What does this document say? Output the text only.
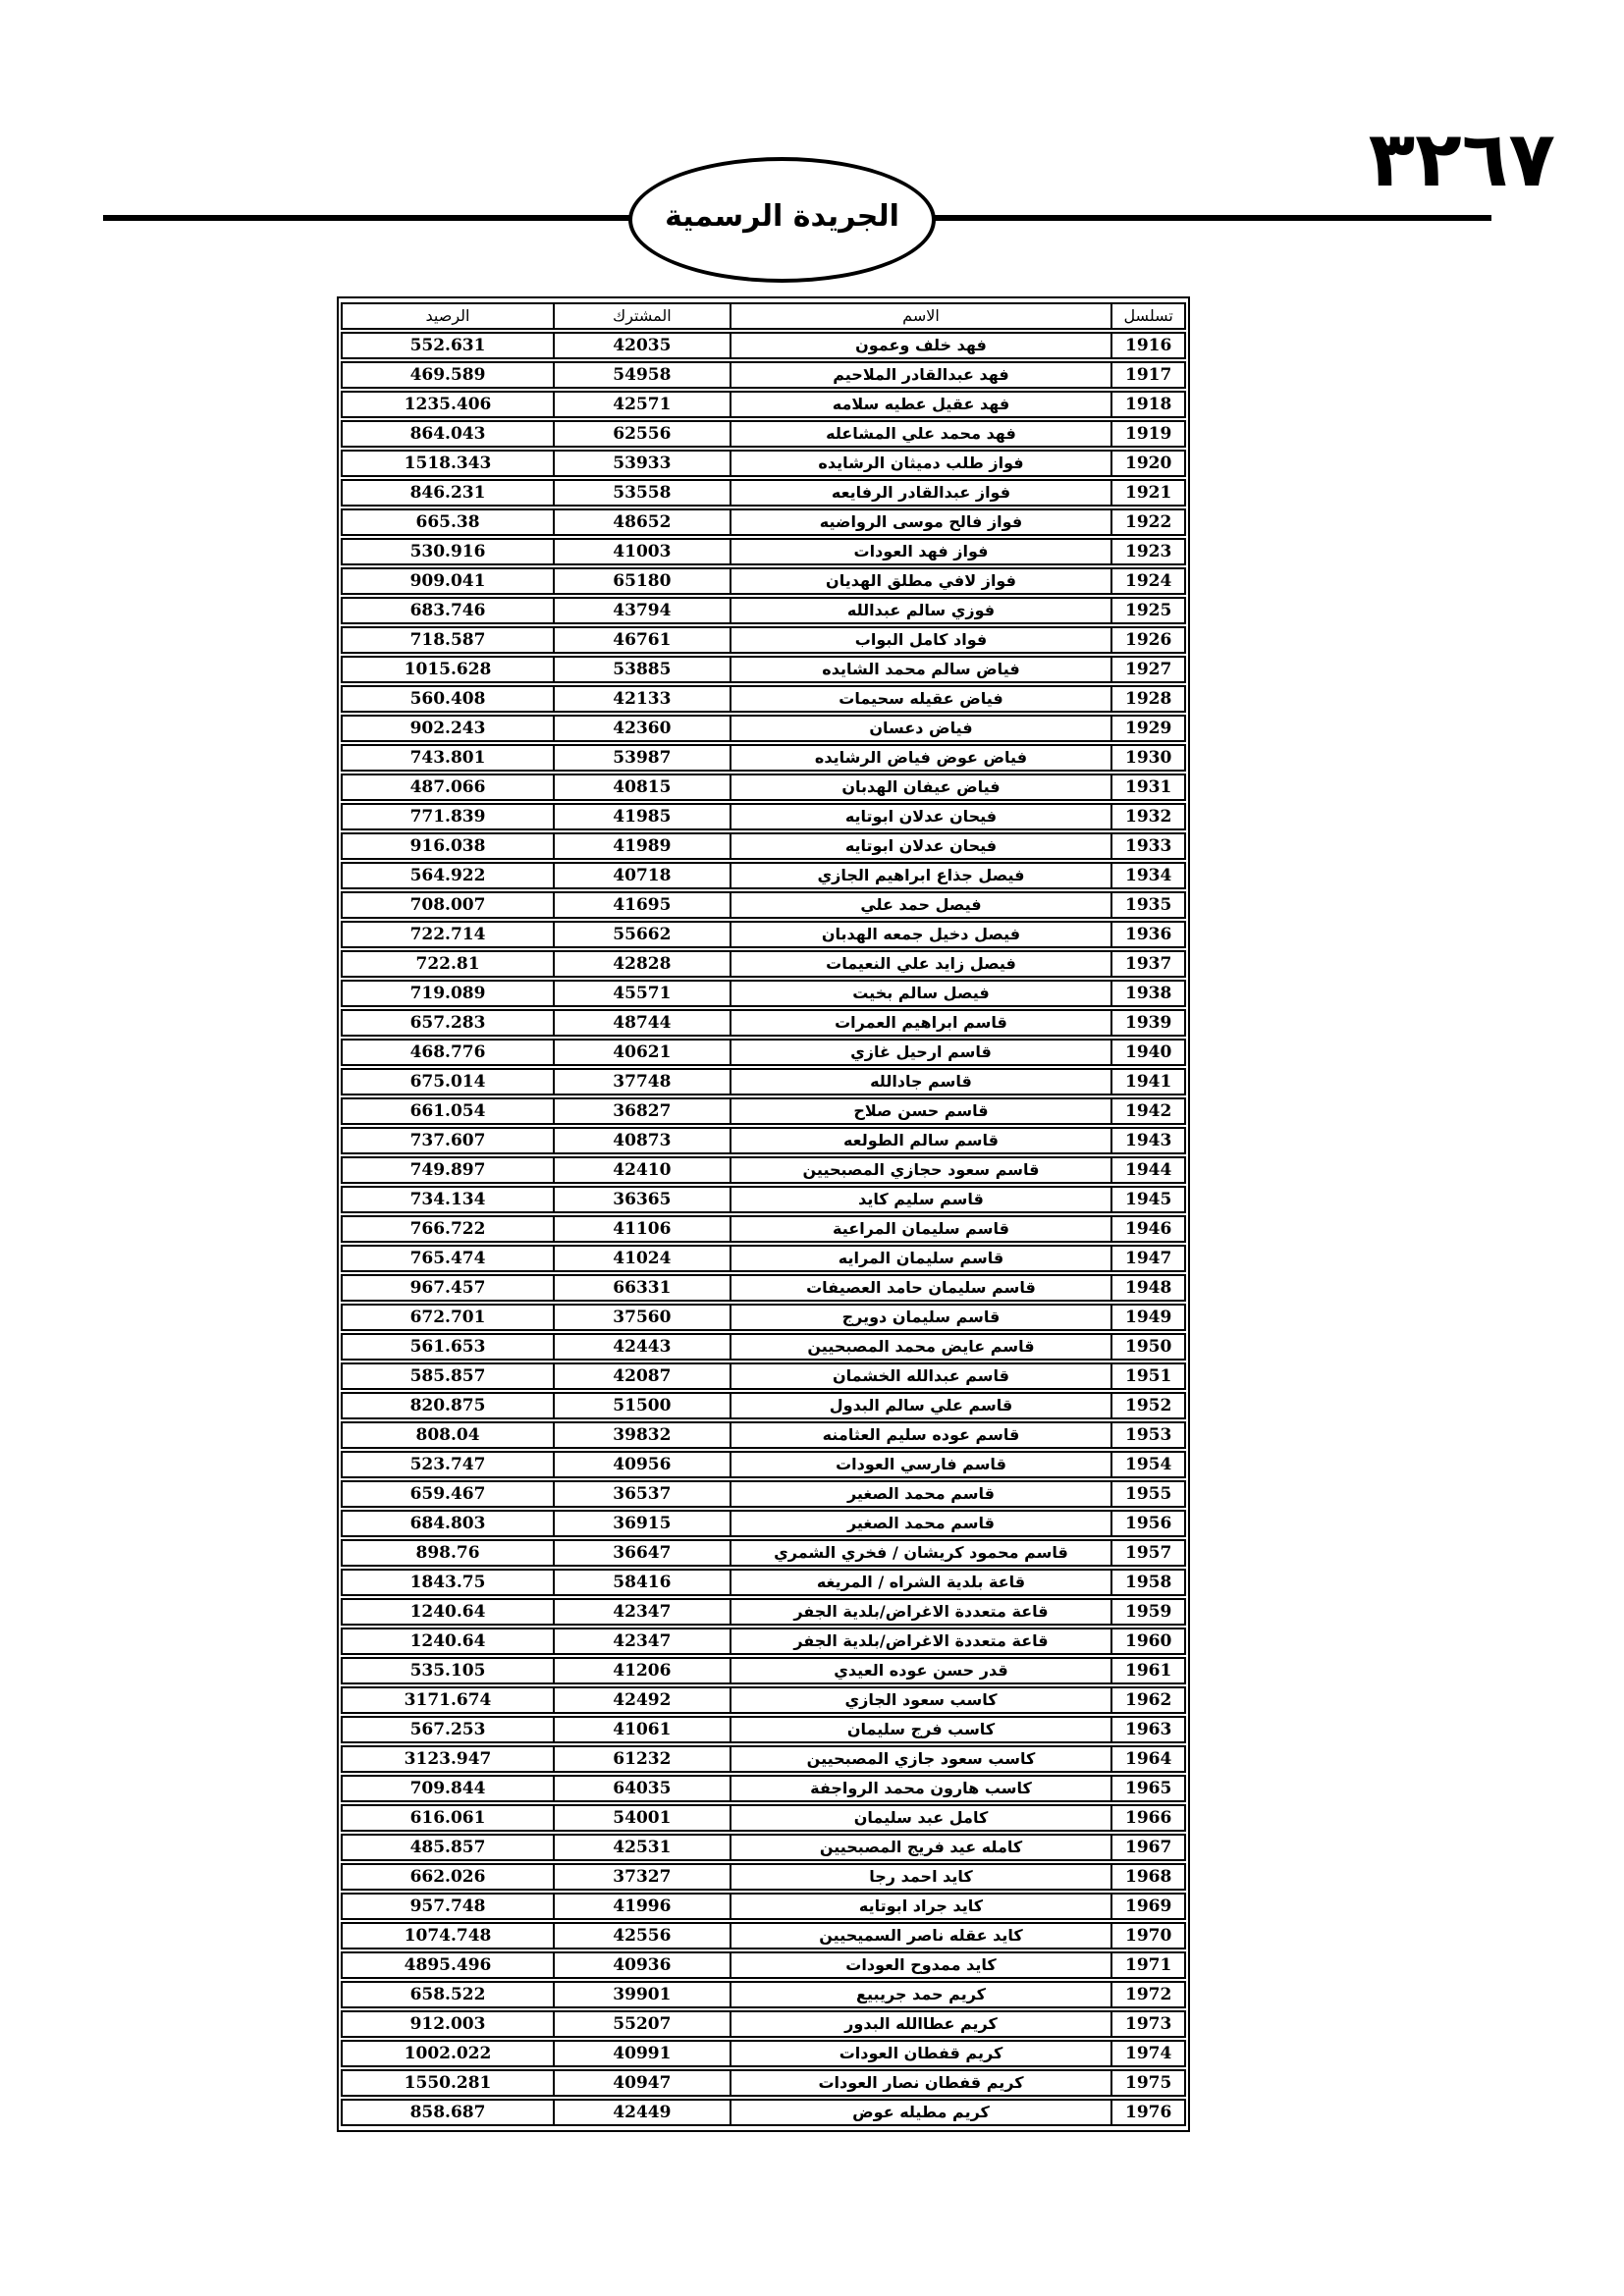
٣٢٦٧
الجريدة الرسمية
تسلسل	الاسم	المشترك	الرصيد
1916	فهد خلف وعمون	42035	552.631
1917	فهد عبدالقادر الملاحيم	54958	469.589
1918	فهد عقيل عطيه سلامه	42571	1235.406
1919	فهد محمد علي المشاعله	62556	864.043
1920	فواز طلب دميثان الرشايده	53933	1518.343
1921	فواز عبدالقادر الرفايعه	53558	846.231
1922	فواز فالح موسى الرواضيه	48652	665.38
1923	فواز فهد العودات	41003	530.916
1924	فواز لافي مطلق الهديان	65180	909.041
1925	فوزي سالم عبدالله	43794	683.746
1926	فواد كامل البواب	46761	718.587
1927	فياض سالم محمد الشايده	53885	1015.628
1928	فياض عقيله سحيمات	42133	560.408
1929	فياض دعسان	42360	902.243
1930	فياض عوض فياض الرشايده	53987	743.801
1931	فياض عيفان الهدبان	40815	487.066
1932	فيحان عدلان ابوتايه	41985	771.839
1933	فيحان عدلان ابوتايه	41989	916.038
1934	فيصل جذاع ابراهيم الجازي	40718	564.922
1935	فيصل حمد علي	41695	708.007
1936	فيصل دخيل جمعه الهدبان	55662	722.714
1937	فيصل زايد علي النعيمات	42828	722.81
1938	فيصل سالم بخيت	45571	719.089
1939	قاسم ابراهيم العمرات	48744	657.283
1940	قاسم ارحيل غازي	40621	468.776
1941	قاسم جادالله	37748	675.014
1942	قاسم حسن صلاح	36827	661.054
1943	قاسم سالم الطولعه	40873	737.607
1944	قاسم سعود حجازي المصبحيين	42410	749.897
1945	قاسم سليم كايد	36365	734.134
1946	قاسم سليمان المراعية	41106	766.722
1947	قاسم سليمان المرايه	41024	765.474
1948	قاسم سليمان حامد العصيفات	66331	967.457
1949	قاسم سليمان دويرج	37560	672.701
1950	قاسم عايض محمد المصبحيين	42443	561.653
1951	قاسم عبدالله الخشمان	42087	585.857
1952	قاسم علي سالم البدول	51500	820.875
1953	قاسم عوده سليم العثامنه	39832	808.04
1954	قاسم فارسي العودات	40956	523.747
1955	قاسم محمد الصغير	36537	659.467
1956	قاسم محمد الصغير	36915	684.803
1957	قاسم محمود كريشان / فخري الشمري	36647	898.76
1958	قاعة بلدية الشراه / المريغه	58416	1843.75
1959	قاعة متعددة الاغراض/بلدية الجفر	42347	1240.64
1960	قاعة متعددة الاغراض/بلدية الجفر	42347	1240.64
1961	قدر حسن عوده العيدي	41206	535.105
1962	كاسب سعود الجازي	42492	3171.674
1963	كاسب فرج سليمان	41061	567.253
1964	كاسب سعود جازي المصبحيين	61232	3123.947
1965	كاسب هارون محمد الرواجفة	64035	709.844
1966	كامل عبد سليمان	54001	616.061
1967	كامله عيد فريج المصبحيين	42531	485.857
1968	كايد احمد رجا	37327	662.026
1969	كايد جراد ابوتايه	41996	957.748
1970	كايد عقله ناصر السميحيين	42556	1074.748
1971	كايد ممدوح العودات	40936	4895.496
1972	كريم حمد جريبيع	39901	658.522
1973	كريم عطاالله البدور	55207	912.003
1974	كريم قفطان العودات	40991	1002.022
1975	كريم قفطان نصار العودات	40947	1550.281
1976	كريم مطيله عوض	42449	858.687
